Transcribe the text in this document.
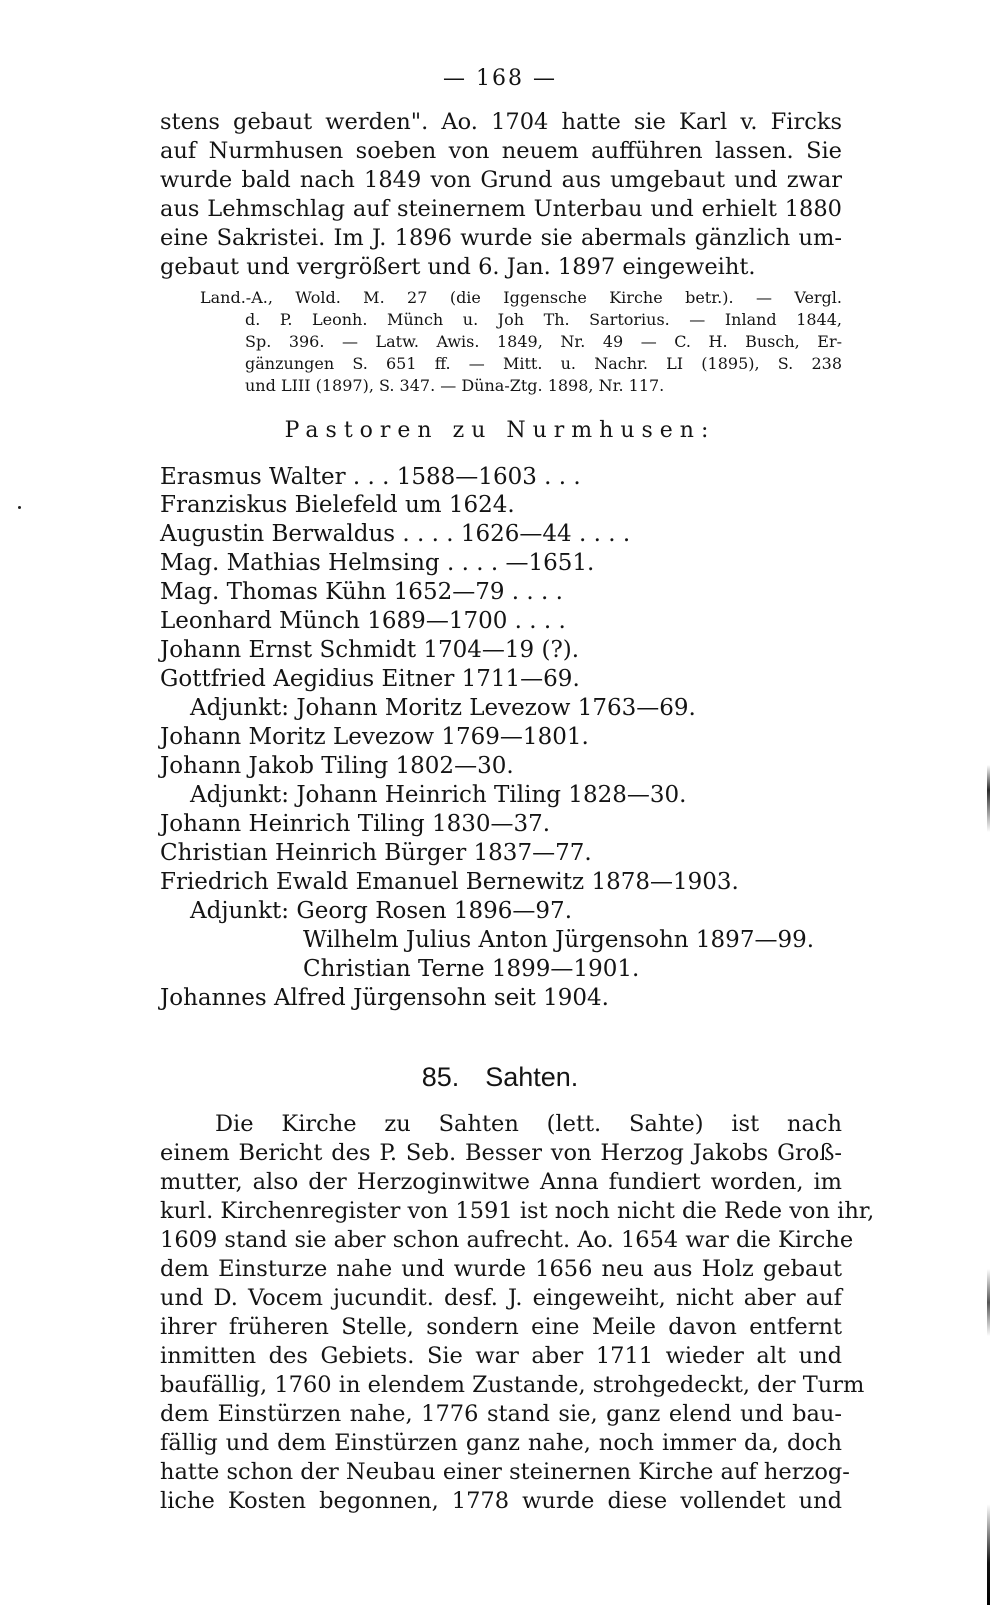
— 168 —
stens gebaut werden". Ao. 1704 hatte sie Karl v. Fircks
auf Nurmhusen soeben von neuem aufführen lassen. Sie
wurde bald nach 1849 von Grund aus umgebaut und zwar
aus Lehmschlag auf steinernem Unterbau und erhielt 1880
eine Sakristei. Im J. 1896 wurde sie abermals gänzlich um-
gebaut und vergrößert und 6. Jan. 1897 eingeweiht.
Land.-A., Wold. M. 27 (die Iggensche Kirche betr.). — Vergl.
d. P. Leonh. Münch u. Joh Th. Sartorius. — Inland 1844,
Sp. 396. — Latw. Awis. 1849, Nr. 49 — C. H. Busch, Er-
gänzungen S. 651 ff. — Mitt. u. Nachr. LI (1895), S. 238
und LIII (1897), S. 347. — Düna-Ztg. 1898, Nr. 117.
Pastoren zu Nurmhusen:
Erasmus Walter . . . 1588—1603 . . .
Franziskus Bielefeld um 1624.
Augustin Berwaldus . . . . 1626—44 . . . .
Mag. Mathias Helmsing . . . . —1651.
Mag. Thomas Kühn 1652—79 . . . .
Leonhard Münch 1689—1700 . . . .
Johann Ernst Schmidt 1704—19 (?).
Gottfried Aegidius Eitner 1711—69.
Adjunkt: Johann Moritz Levezow 1763—69.
Johann Moritz Levezow 1769—1801.
Johann Jakob Tiling 1802—30.
Adjunkt: Johann Heinrich Tiling 1828—30.
Johann Heinrich Tiling 1830—37.
Christian Heinrich Bürger 1837—77.
Friedrich Ewald Emanuel Bernewitz 1878—1903.
Adjunkt: Georg Rosen 1896—97.
Wilhelm Julius Anton Jürgensohn 1897—99.
Christian Terne 1899—1901.
Johannes Alfred Jürgensohn seit 1904.
85. Sahten.
Die Kirche zu Sahten (lett. Sahte) ist nach
einem Bericht des P. Seb. Besser von Herzog Jakobs Groß-
mutter, also der Herzoginwitwe Anna fundiert worden, im
kurl. Kirchenregister von 1591 ist noch nicht die Rede von ihr,
1609 stand sie aber schon aufrecht. Ao. 1654 war die Kirche
dem Einsturze nahe und wurde 1656 neu aus Holz gebaut
und D. Vocem jucundit. desf. J. eingeweiht, nicht aber auf
ihrer früheren Stelle, sondern eine Meile davon entfernt
inmitten des Gebiets. Sie war aber 1711 wieder alt und
baufällig, 1760 in elendem Zustande, strohgedeckt, der Turm
dem Einstürzen nahe, 1776 stand sie, ganz elend und bau-
fällig und dem Einstürzen ganz nahe, noch immer da, doch
hatte schon der Neubau einer steinernen Kirche auf herzog-
liche Kosten begonnen, 1778 wurde diese vollendet und
